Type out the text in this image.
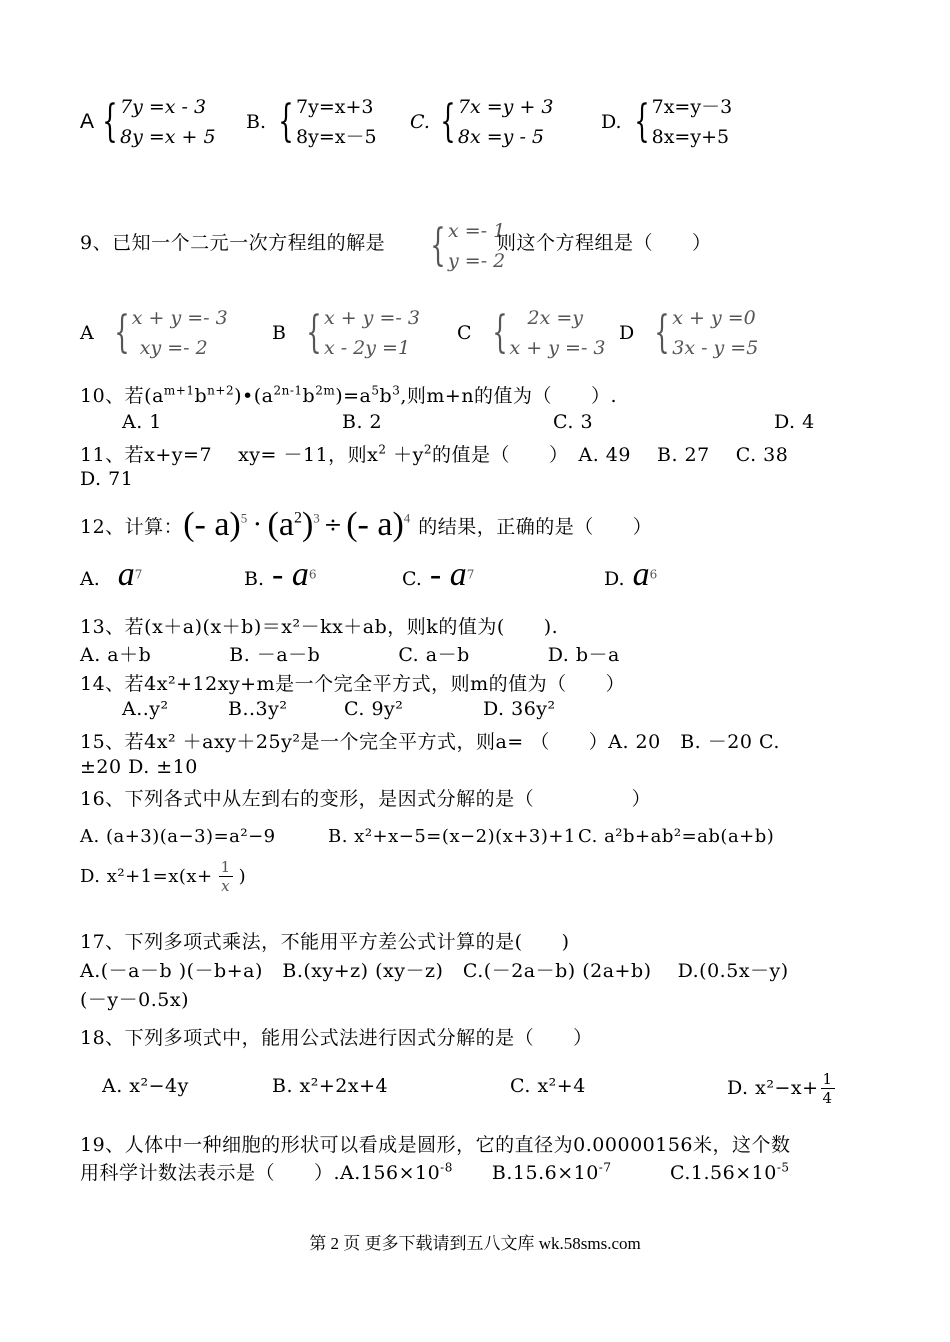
A { 7y =x - 3
8y =x + 5
B. { 7y=x+3
8y=x－5
C. { 7x =y + 3
8x =y - 5
D. { 7x=y－3
8x=y+5
9、已知一个二元一次方程组的解是 { x =- 1
y =- 2
则这个方程组是（　　）
A { x + y =- 3
xy =- 2
B { x + y =- 3
x - 2y =1
C {	2x =y
x + y =- 3
D { x + y =0
3x - y =5
10、若$(a^{m+1}b^{n+2})•(a^{2n-1}b^{2m})=a^5b^3$,则m+n的值为（　　）.
A. 1	B. 2	C. 3	D. 4
11、若x+y=7　 xy= －11，则$x^2 +y^2$的值是（　　）　A. 49　 B. 27　 C. 38
D. 71
12、计算： (- $a)^5 \cdot (a^2)^3$ ÷ (- a)$^4$ 的结果，正确的是（　　）
A. $a^7$	B. - $a^6$	C. - $a^7$	D. $a^6$
13、若(x＋a)(x＋b)＝x²－kx＋ab，则k的值为(　　).
A. a＋b　　　　B. －a－b　　　　C. a－b　　　　D. b－a
14、若4x²+12xy+m是一个完全平方式，则m的值为（　　）
A..y²	B..3y²	C. 9y²	D. 36y²
15、若4x² ＋axy＋25y²是一个完全平方式，则a= （　　）A. 20　B. －20 C.
±20 D. ±10
16、下列各式中从左到右的变形，是因式分解的是（　　　　　）
A. (a+3)(a−3)=a²−9	B. x²+x−5=(x−2)(x+3)+1 C. a²b+ab²=ab(a+b)
D. $x^2+1=x(x+ \frac{1}{x}$ )
17、下列多项式乘法，不能用平方差公式计算的是(　　)
A.(－a－b )(－b+a)　B.(xy+z) (xy－z)　C.(－2a－b) (2a+b)　 D.(0.5x－y)
(－y－0.5x)
18、下列多项式中，能用公式法进行因式分解的是（　　）
A. x²−4y	B. x²+2x+4	C. x²+4	D. $x^2-x+ \frac{1}{4}$
19、人体中一种细胞的形状可以看成是圆形，它的直径为0.00000156米，这个数
用科学计数法表示是（　　）$.A.156\times 10^{-8}$　　 $B.15.6\times 10^{-7}$　　　	$C.1.56\times 10^{-5}$
第 2 页 更多下载请到五八文库 wk.58sms.com
